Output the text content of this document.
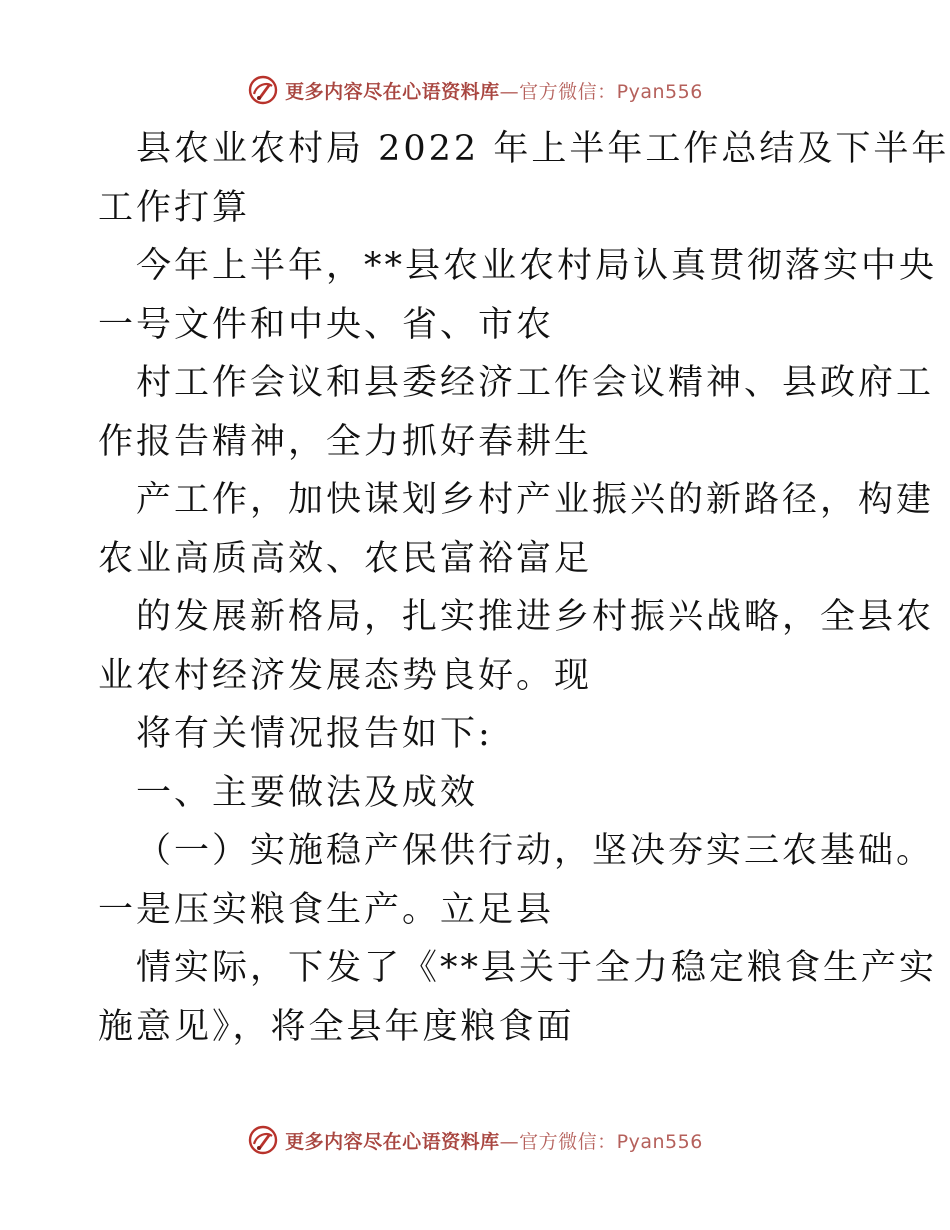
更多内容尽在心语资料库—官方微信：Pyan556
县农业农村局 2022 年上半年工作总结及下半年
工作打算
今年上半年，**县农业农村局认真贯彻落实中央
一号文件和中央、省、市农
村工作会议和县委经济工作会议精神、县政府工
作报告精神，全力抓好春耕生
产工作，加快谋划乡村产业振兴的新路径，构建
农业高质高效、农民富裕富足
的发展新格局，扎实推进乡村振兴战略，全县农
业农村经济发展态势良好。现
将有关情况报告如下:
一、主要做法及成效
（一）实施稳产保供行动，坚决夯实三农基础。
一是压实粮食生产。立足县
情实际，下发了《**县关于全力稳定粮食生产实
施意见》，将全县年度粮食面
更多内容尽在心语资料库—官方微信：Pyan556
